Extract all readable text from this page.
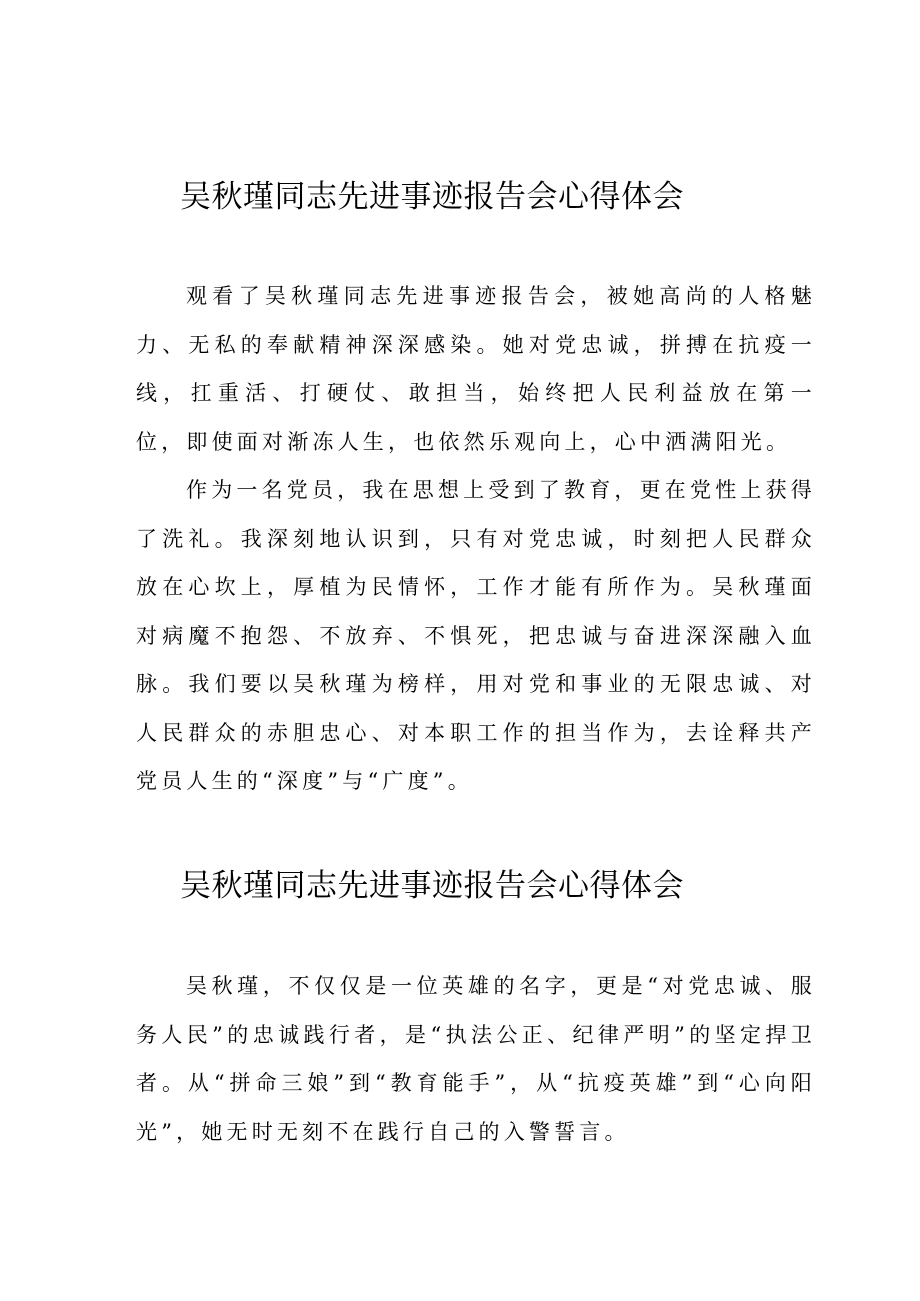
吴秋瑾同志先进事迹报告会心得体会

观看了吴秋瑾同志先进事迹报告会，被她高尚的人格魅力、无私的奉献精神深深感染。她对党忠诚，拼搏在抗疫一线，扛重活、打硬仗、敢担当，始终把人民利益放在第一位，即使面对渐冻人生，也依然乐观向上，心中洒满阳光。

作为一名党员，我在思想上受到了教育，更在党性上获得了洗礼。我深刻地认识到，只有对党忠诚，时刻把人民群众放在心坎上，厚植为民情怀，工作才能有所作为。吴秋瑾面对病魔不抱怨、不放弃、不惧死，把忠诚与奋进深深融入血脉。我们要以吴秋瑾为榜样，用对党和事业的无限忠诚、对人民群众的赤胆忠心、对本职工作的担当作为，去诠释共产党员人生的“深度”与“广度”。

吴秋瑾同志先进事迹报告会心得体会

吴秋瑾，不仅仅是一位英雄的名字，更是“对党忠诚、服务人民”的忠诚践行者，是“执法公正、纪律严明”的坚定捍卫者。从“拼命三娘”到“教育能手”，从“抗疫英雄”到“心向阳光”，她无时无刻不在践行自己的入警誓言。
